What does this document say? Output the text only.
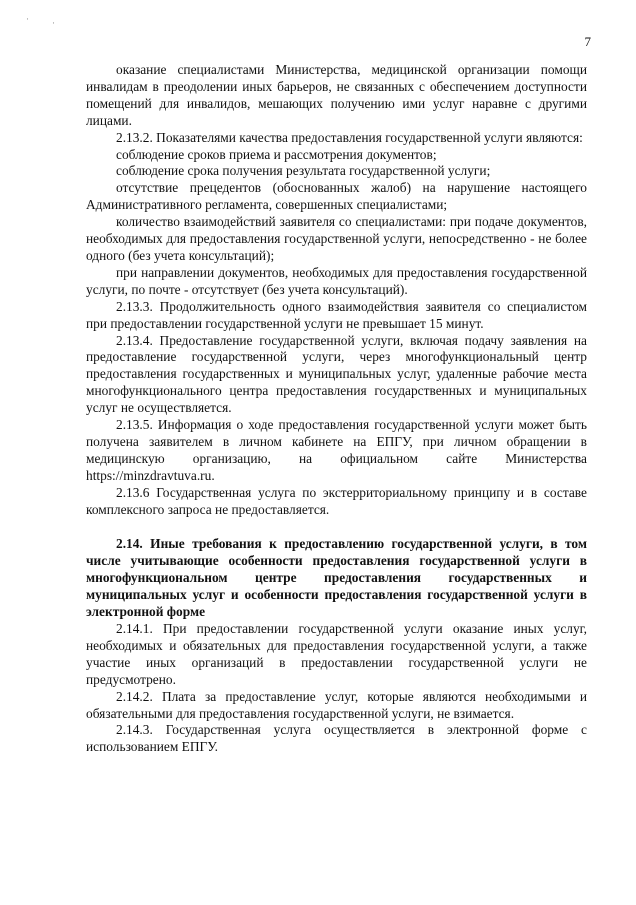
·	·
7

оказание специалистами Министерства, медицинской организации помощи инвалидам в преодолении иных барьеров, не связанных с обеспечением доступности помещений для инвалидов, мешающих получению ими услуг наравне с другими лицами.

2.13.2. Показателями качества предоставления государственной услуги являются:

соблюдение сроков приема и рассмотрения документов;

соблюдение срока получения результата государственной услуги;

отсутствие прецедентов (обоснованных жалоб) на нарушение настоящего Административного регламента, совершенных специалистами;

количество взаимодействий заявителя со специалистами: при подаче документов, необходимых для предоставления государственной услуги, непосредственно - не более одного (без учета консультаций);

при направлении документов, необходимых для предоставления государственной услуги, по почте - отсутствует (без учета консультаций).

2.13.3. Продолжительность одного взаимодействия заявителя со специалистом при предоставлении государственной услуги не превышает 15 минут.

2.13.4. Предоставление государственной услуги, включая подачу заявления на предоставление государственной услуги, через многофункциональный центр предоставления государственных и муниципальных услуг, удаленные рабочие места многофункционального центра предоставления государственных и муниципальных услуг не осуществляется.

2.13.5. Информация о ходе предоставления государственной услуги может быть получена заявителем в личном кабинете на ЕПГУ, при личном обращении в медицинскую организацию, на официальном сайте Министерства https://minzdravtuva.ru.

2.13.6 Государственная услуга по экстерриториальному принципу и в составе комплексного запроса не предоставляется.

2.14. Иные требования к предоставлению государственной услуги, в том числе учитывающие особенности предоставления государственной услуги в многофункциональном центре предоставления государственных и муниципальных услуг и особенности предоставления государственной услуги в электронной форме

2.14.1. При предоставлении государственной услуги оказание иных услуг, необходимых и обязательных для предоставления государственной услуги, а также участие иных организаций в предоставлении государственной услуги не предусмотрено.

2.14.2. Плата за предоставление услуг, которые являются необходимыми и обязательными для предоставления государственной услуги, не взимается.

2.14.3. Государственная услуга осуществляется в электронной форме с использованием ЕПГУ.
